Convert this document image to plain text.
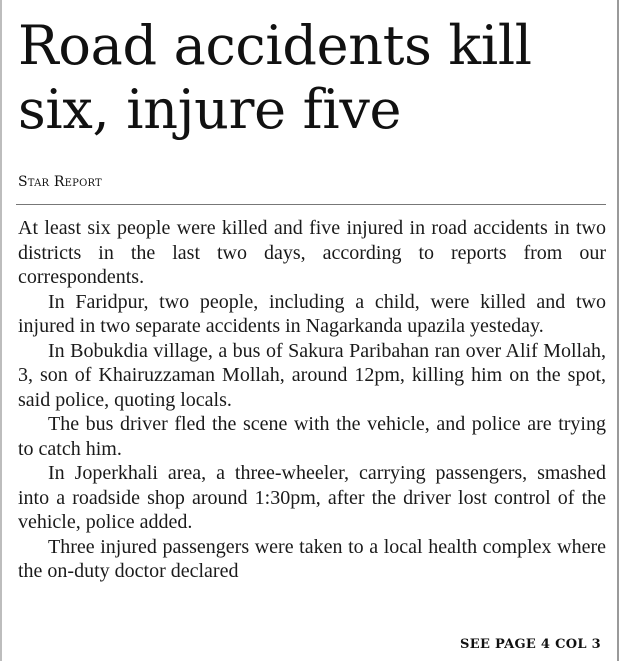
Road accidents kill six, injure five
Star Report

At least six people were killed and five injured in road accidents in two districts in the last two days, according to reports from our correspondents.

In Faridpur, two people, including a child, were killed and two injured in two separate accidents in Nagarkanda upazila yesteday.

In Bobukdia village, a bus of Sakura Paribahan ran over Alif Mollah, 3, son of Khairuzzaman Mollah, around 12pm, killing him on the spot, said police, quoting locals.

The bus driver fled the scene with the vehicle, and police are trying to catch him.

In Joperkhali area, a three-wheeler, carrying passengers, smashed into a roadside shop around 1:30pm, after the driver lost control of the vehicle, police added.

Three injured passengers were taken to a local health complex where the on-duty doctor declared

SEE PAGE 4 COL 3
